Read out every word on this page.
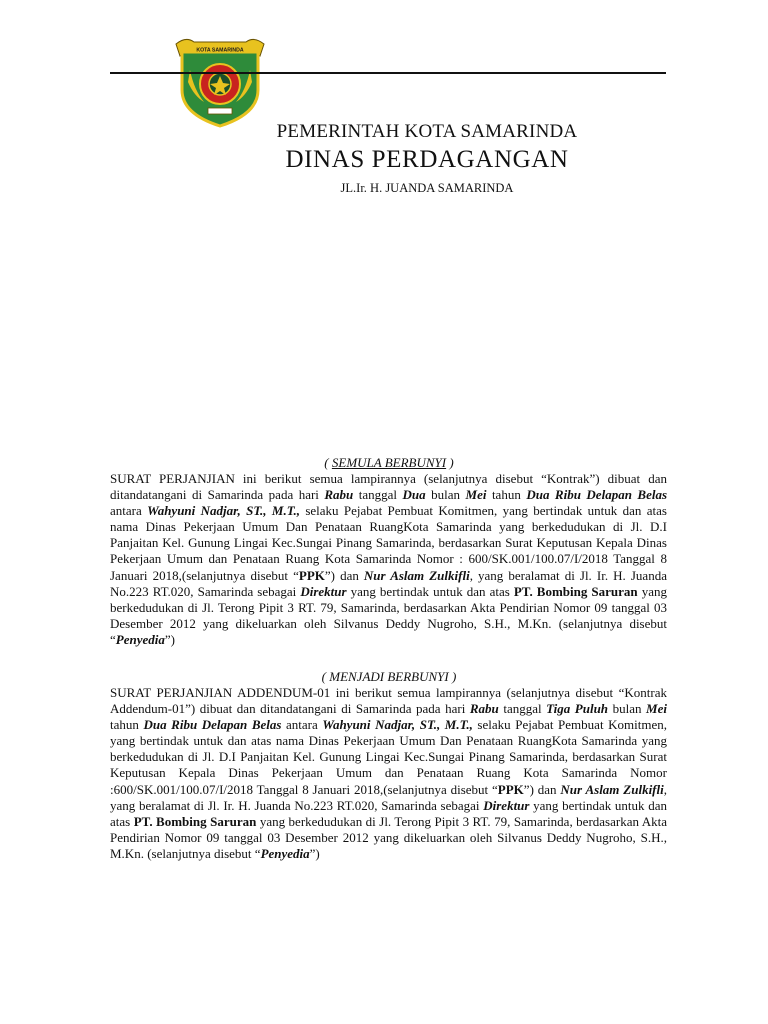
KOTA SAMARINDA
PEMERINTAH KOTA SAMARINDA
DINAS PERDAGANGAN
JL.Ir. H. JUANDA SAMARINDA
( SEMULA BERBUNYI )

SURAT PERJANJIAN ini berikut semua lampirannya (selanjutnya disebut “Kontrak”) dibuat dan ditandatangani di Samarinda pada hari Rabu tanggal Dua bulan Mei tahun Dua Ribu Delapan Belas antara Wahyuni Nadjar, ST., M.T., selaku Pejabat Pembuat Komitmen, yang bertindak untuk dan atas nama Dinas Pekerjaan Umum Dan Penataan RuangKota Samarinda yang berkedudukan di Jl. D.I Panjaitan Kel. Gunung Lingai Kec.Sungai Pinang Samarinda, berdasarkan Surat Keputusan Kepala Dinas Pekerjaan Umum dan Penataan Ruang Kota Samarinda Nomor : 600/SK.001/100.07/I/2018 Tanggal 8 Januari 2018,(selanjutnya disebut “PPK”) dan Nur Aslam Zulkifli, yang beralamat di Jl. Ir. H. Juanda No.223 RT.020, Samarinda sebagai Direktur yang bertindak untuk dan atas PT. Bombing Saruran yang berkedudukan di Jl. Terong Pipit 3 RT. 79, Samarinda, berdasarkan Akta Pendirian Nomor 09 tanggal 03 Desember 2012 yang dikeluarkan oleh Silvanus Deddy Nugroho, S.H., M.Kn. (selanjutnya disebut “Penyedia”)

( MENJADI BERBUNYI )

SURAT PERJANJIAN ADDENDUM-01 ini berikut semua lampirannya (selanjutnya disebut “Kontrak Addendum-01”) dibuat dan ditandatangani di Samarinda pada hari Rabu tanggal Tiga Puluh bulan Mei tahun Dua Ribu Delapan Belas antara Wahyuni Nadjar, ST., M.T., selaku Pejabat Pembuat Komitmen, yang bertindak untuk dan atas nama Dinas Pekerjaan Umum Dan Penataan RuangKota Samarinda yang berkedudukan di Jl. D.I Panjaitan Kel. Gunung Lingai Kec.Sungai Pinang Samarinda, berdasarkan Surat Keputusan Kepala Dinas Pekerjaan Umum dan Penataan Ruang Kota Samarinda Nomor :600/SK.001/100.07/I/2018 Tanggal 8 Januari 2018,(selanjutnya disebut “PPK”) dan Nur Aslam Zulkifli, yang beralamat di Jl. Ir. H. Juanda No.223 RT.020, Samarinda sebagai Direktur yang bertindak untuk dan atas PT. Bombing Saruran yang berkedudukan di Jl. Terong Pipit 3 RT. 79, Samarinda, berdasarkan Akta Pendirian Nomor 09 tanggal 03 Desember 2012 yang dikeluarkan oleh Silvanus Deddy Nugroho, S.H., M.Kn. (selanjutnya disebut “Penyedia”)
